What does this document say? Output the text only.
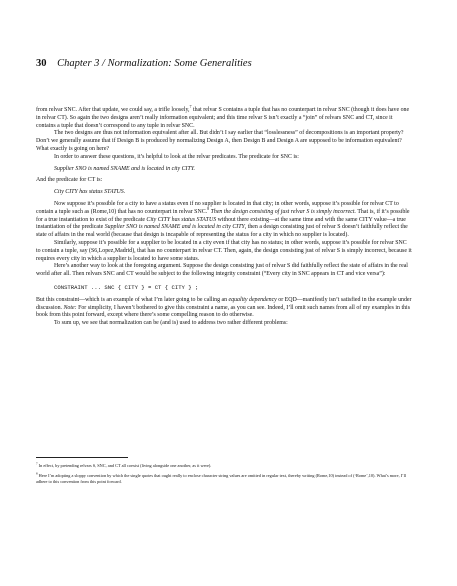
30 Chapter 3 / Normalization: Some Generalities

from relvar SNC. After that update, we could say, a trifle loosely,$^7$ that relvar S contains a tuple that has no counterpart in relvar SNC (though it does have one in relvar CT). So again the two designs aren’t really information equivalent; and this time relvar S isn’t exactly a “join” of relvars SNC and CT, since it contains a tuple that doesn’t correspond to any tuple in relvar SNC.

The two designs are thus not information equivalent after all. But didn’t I say earlier that “losslessness” of decompositions is an important property? Don’t we generally assume that if Design B is produced by normalizing Design A, then Design B and Design A are supposed to be information equivalent? What exactly is going on here?

In order to answer these questions, it’s helpful to look at the relvar predicates. The predicate for SNC is:

Supplier SNO is named SNAME and is located in city CITY.

And the predicate for CT is:

City CITY has status STATUS.

Now suppose it’s possible for a city to have a status even if no supplier is located in that city; in other words, suppose it’s possible for relvar CT to contain a tuple such as (Rome,10) that has no counterpart in relvar SNC.$^8$ Then the design consisting of just relvar S is simply incorrect. That is, if it’s possible for a true instantiation to exist of the predicate City CITY has status STATUS without there existing—at the same time and with the same CITY value—a true instantiation of the predicate Supplier SNO is named SNAME and is located in city CITY, then a design consisting just of relvar S doesn’t faithfully reflect the state of affairs in the real world (because that design is incapable of representing the status for a city in which no supplier is located).

Similarly, suppose it’s possible for a supplier to be located in a city even if that city has no status; in other words, suppose it’s possible for relvar SNC to contain a tuple, say (S6,Lopez,Madrid), that has no counterpart in relvar CT. Then, again, the design consisting just of relvar S is simply incorrect, because it requires every city in which a supplier is located to have some status.

Here’s another way to look at the foregoing argument. Suppose the design consisting just of relvar S did faithfully reflect the state of affairs in the real world after all. Then relvars SNC and CT would be subject to the following integrity constraint (“Every city in SNC appears in CT and vice versa”):

CONSTRAINT ... SNC { CITY } = CT { CITY } ;

But this constraint—which is an example of what I’m later going to be calling an equality dependency or EQD—manifestly isn’t satisfied in the example under discussion. Note: For simplicity, I haven’t bothered to give this constraint a name, as you can see. Indeed, I’ll omit such names from all of my examples in this book from this point forward, except where there’s some compelling reason to do otherwise.

To sum up, we see that normalization can be (and is) used to address two rather different problems:

$^7$ In effect, by pretending relvars S, SNC, and CT all coexist (living alongside one another, as it were).

$^8$ Here I’m adopting a sloppy convention by which the single quotes that ought really to enclose character string values are omitted in regular text, thereby writing (Rome,10) instead of (‘Rome’,10). What’s more, I’ll adhere to this convention from this point forward.
